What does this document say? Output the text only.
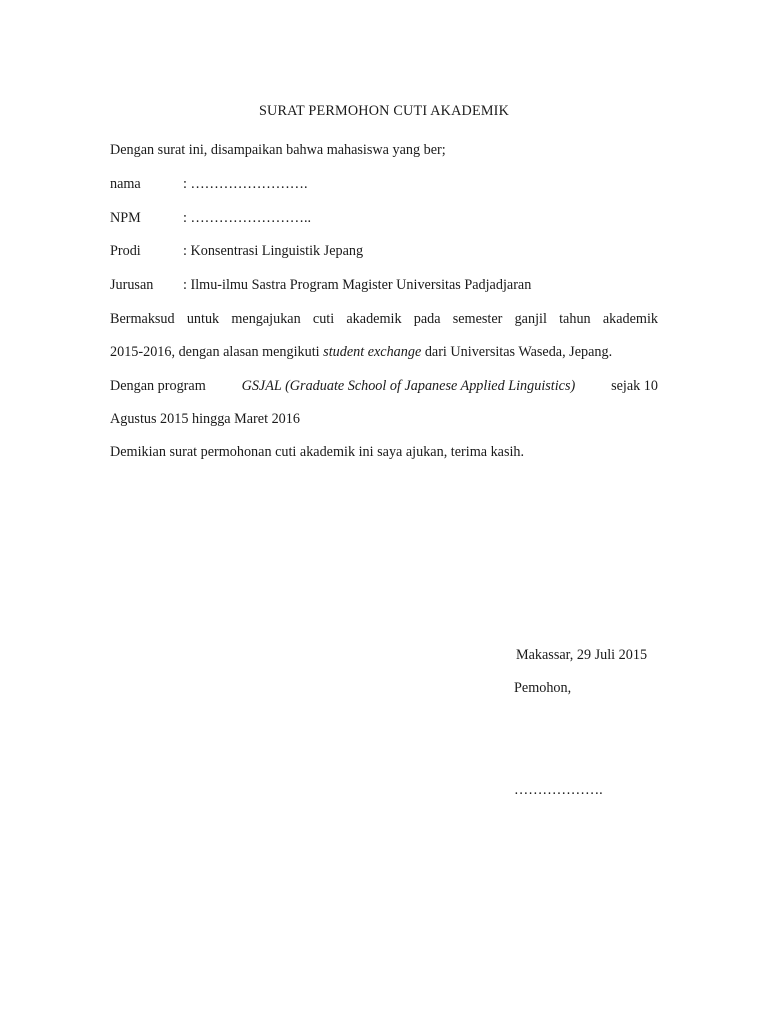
SURAT PERMOHON CUTI AKADEMIK
Dengan surat ini, disampaikan bahwa mahasiswa yang ber;
nama	: …………………….
NPM	: ……………………..
Prodi	: Konsentrasi Linguistik Jepang
Jurusan : Ilmu-ilmu Sastra Program Magister Universitas Padjadjaran
Bermaksud untuk mengajukan cuti akademik pada semester ganjil tahun akademik
2015-2016, dengan alasan mengikuti student exchange dari Universitas Waseda, Jepang.
Dengan program	GSJAL (Graduate School of Japanese Applied Linguistics)	sejak 10
Agustus 2015 hingga Maret 2016
Demikian surat permohonan cuti akademik ini saya ajukan, terima kasih.
Makassar, 29 Juli 2015
Pemohon,
……………….
